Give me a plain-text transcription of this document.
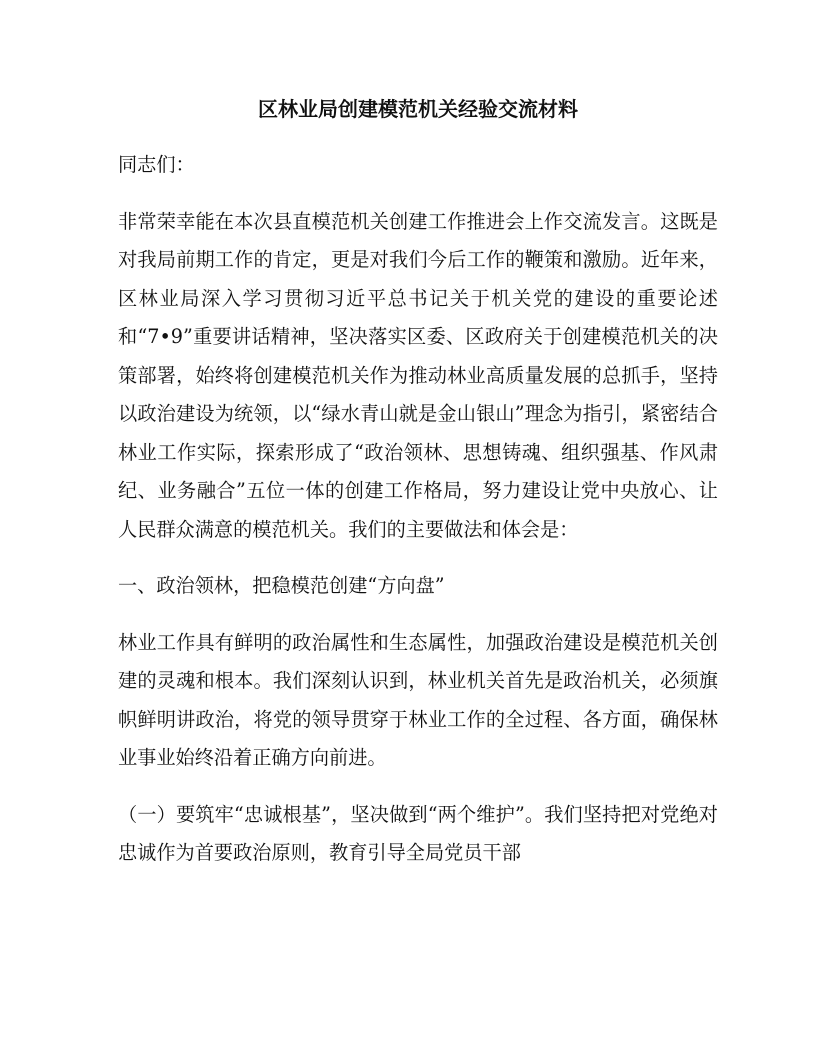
区林业局创建模范机关经验交流材料

同志们：

非常荣幸能在本次县直模范机关创建工作推进会上作交流发言。这既是对我局前期工作的肯定，更是对我们今后工作的鞭策和激励。近年来，区林业局深入学习贯彻习近平总书记关于机关党的建设的重要论述和“7•9”重要讲话精神，坚决落实区委、区政府关于创建模范机关的决策部署，始终将创建模范机关作为推动林业高质量发展的总抓手，坚持以政治建设为统领，以“绿水青山就是金山银山”理念为指引，紧密结合林业工作实际，探索形成了“政治领林、思想铸魂、组织强基、作风肃纪、业务融合”五位一体的创建工作格局，努力建设让党中央放心、让人民群众满意的模范机关。我们的主要做法和体会是：

一、政治领林，把稳模范创建“方向盘”

林业工作具有鲜明的政治属性和生态属性，加强政治建设是模范机关创建的灵魂和根本。我们深刻认识到，林业机关首先是政治机关，必须旗帜鲜明讲政治，将党的领导贯穿于林业工作的全过程、各方面，确保林业事业始终沿着正确方向前进。

（一）要筑牢“忠诚根基”，坚决做到“两个维护”。我们坚持把对党绝对忠诚作为首要政治原则，教育引导全局党员干部
